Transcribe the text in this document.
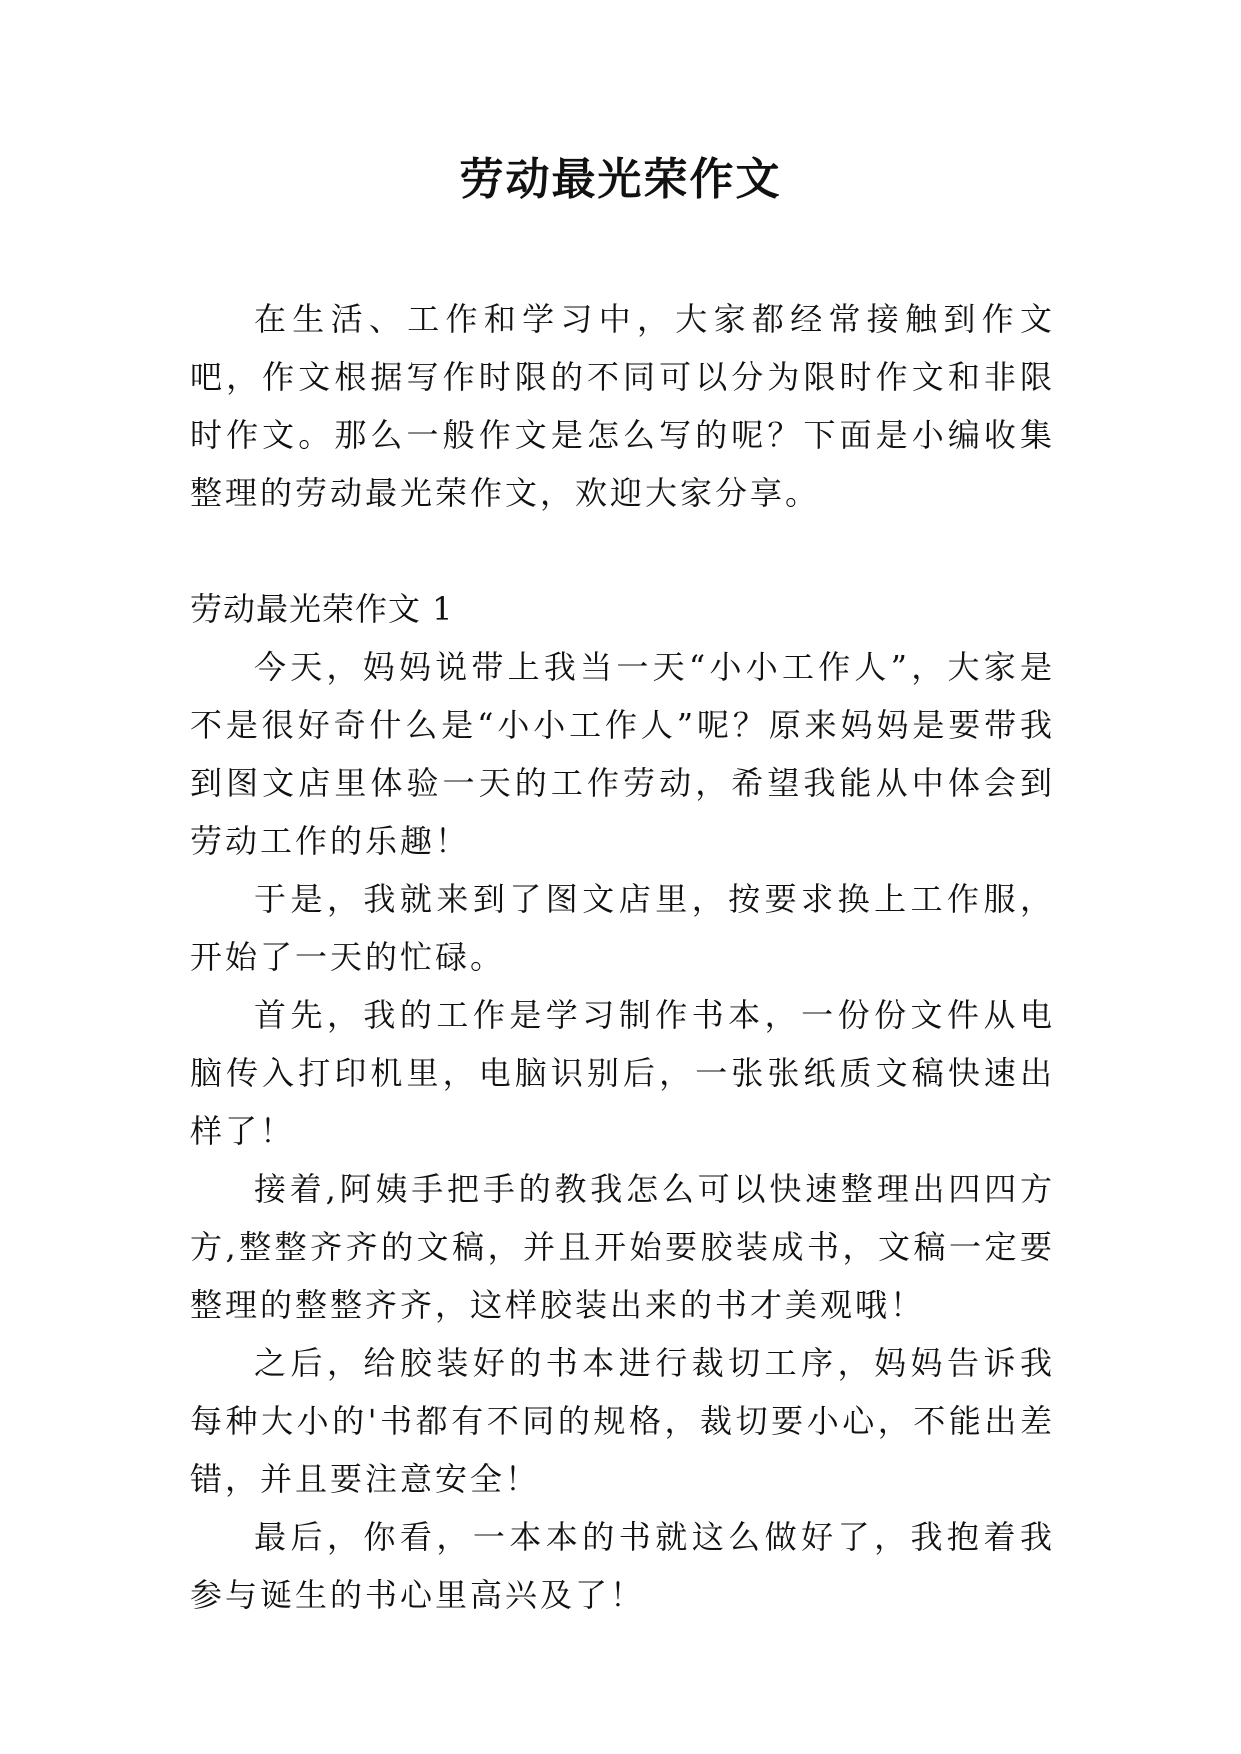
劳动最光荣作文

在生活、工作和学习中，大家都经常接触到作文吧，作文根据写作时限的不同可以分为限时作文和非限时作文。那么一般作文是怎么写的呢？下面是小编收集整理的劳动最光荣作文，欢迎大家分享。

劳动最光荣作文 1

今天，妈妈说带上我当一天“小小工作人”，大家是不是很好奇什么是“小小工作人”呢？原来妈妈是要带我到图文店里体验一天的工作劳动，希望我能从中体会到劳动工作的乐趣！

于是，我就来到了图文店里，按要求换上工作服，开始了一天的忙碌。

首先，我的工作是学习制作书本，一份份文件从电脑传入打印机里，电脑识别后，一张张纸质文稿快速出样了！

接着,阿姨手把手的教我怎么可以快速整理出四四方方,整整齐齐的文稿，并且开始要胶装成书，文稿一定要整理的整整齐齐，这样胶装出来的书才美观哦！

之后，给胶装好的书本进行裁切工序，妈妈告诉我每种大小的'书都有不同的规格，裁切要小心，不能出差错，并且要注意安全！

最后，你看，一本本的书就这么做好了，我抱着我参与诞生的书心里高兴及了！
